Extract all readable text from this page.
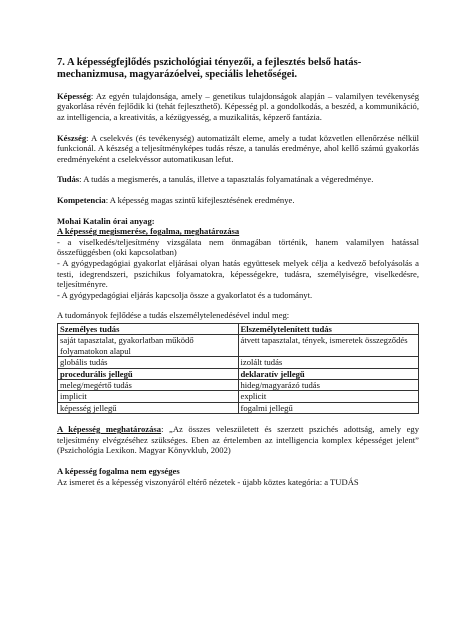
7. A képességfejlődés pszichológiai tényezői, a fejlesztés belső hatás-mechanizmusa, magyarázóelvei, speciális lehetőségei.

Képesség: Az egyén tulajdonsága, amely – genetikus tulajdonságok alapján – valamilyen tevékenység gyakorlása révén fejlődik ki (tehát fejleszthető). Képesség pl. a gondolkodás, a beszéd, a kommunikáció, az intelligencia, a kreativitás, a kézügyesség, a muzikalitás, képzerő fantázia.

Készség: A cselekvés (és tevékenység) automatizált eleme, amely a tudat közvetlen ellenőrzése nélkül funkcionál. A készség a teljesítményképes tudás része, a tanulás eredménye, ahol kellő számú gyakorlás eredményeként a cselekvéssor automatikusan lefut.

Tudás: A tudás a megismerés, a tanulás, illetve a tapasztalás folyamatának a végeredménye.

Kompetencia: A képesség magas szintű kifejlesztésének eredménye.

Mohai Katalin órai anyag:

A képesség megismerése, fogalma, meghatározása

- a viselkedés/teljesítmény vizsgálata nem önmagában történik, hanem valamilyen hatással összefüggésben (oki kapcsolatban)

- A gyógypedagógiai gyakorlat eljárásai olyan hatás együttesek melyek célja a kedvező befolyásolás a testi, idegrendszeri, pszichikus folyamatokra, képességekre, tudásra, személyiségre, viselkedésre, teljesítményre.

- A gyógypedagógiai eljárás kapcsolja össze a gyakorlatot és a tudományt.

A tudományok fejlődése a tudás elszemélytelenedésével indul meg:

Személyes tudás	Elszemélytelenített tudás
saját tapasztalat, gyakorlatban működő folyamatokon alapul	átvett tapasztalat, tények, ismeretek összegződés
globális tudás	izolált tudás
procedurális jellegű	deklaratív jellegű
meleg/megértő tudás	hideg/magyarázó tudás
implicit	explicit
képesség jellegű	fogalmi jellegű

A képesség meghatározása: „Az összes veleszületett és szerzett pszichés adottság, amely egy teljesítmény elvégzéséhez szükséges. Eben az értelemben az intelligencia komplex képességet jelent” (Pszichológia Lexikon. Magyar Könyvklub, 2002)

A képesség fogalma nem egységes

Az ismeret és a képesség viszonyáról eltérő nézetek - újabb köztes kategória: a TUDÁS
